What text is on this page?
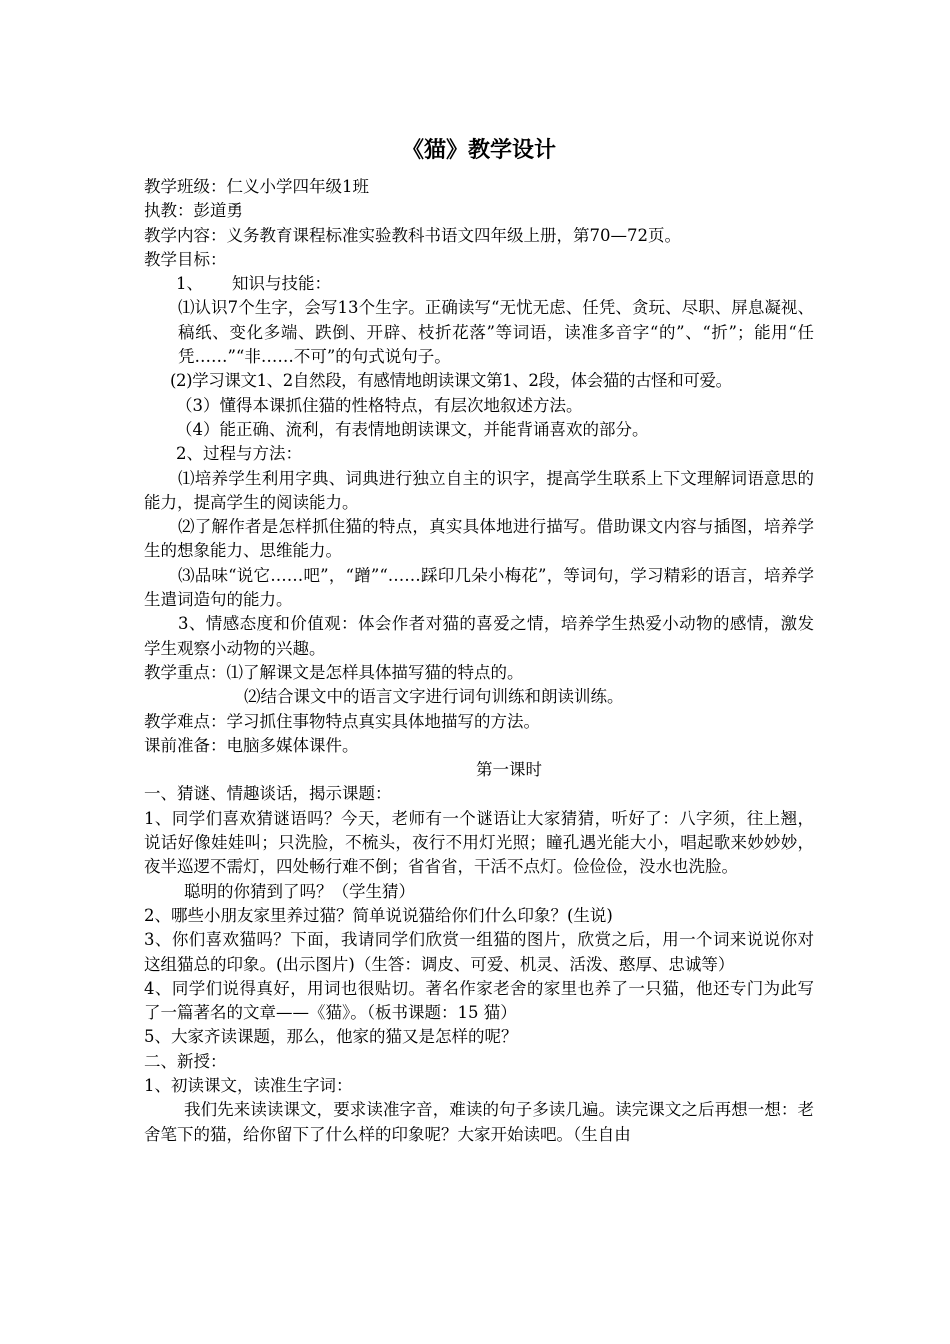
《猫》教学设计

教学班级：仁义小学四年级1班

执教：彭道勇

教学内容：义务教育课程标准实验教科书语文四年级上册，第70—72页。

教学目标：

1、 知识与技能：

⑴认识7个生字，会写13个生字。正确读写“无忧无虑、任凭、贪玩、尽职、屏息凝视、稿纸、变化多端、跌倒、开辟、枝折花落”等词语，读准多音字“的”、“折”；能用“任凭……”“非……不可”的句式说句子。

(2)学习课文1、2自然段，有感情地朗读课文第1、2段，体会猫的古怪和可爱。

（3）懂得本课抓住猫的性格特点，有层次地叙述方法。

（4）能正确、流利，有表情地朗读课文，并能背诵喜欢的部分。

2、过程与方法：

⑴培养学生利用字典、词典进行独立自主的识字，提高学生联系上下文理解词语意思的能力，提高学生的阅读能力。

⑵了解作者是怎样抓住猫的特点，真实具体地进行描写。借助课文内容与插图，培养学生的想象能力、思维能力。

⑶品味“说它……吧”，“蹭”“……踩印几朵小梅花”，等词句，学习精彩的语言，培养学生遣词造句的能力。

3、情感态度和价值观：体会作者对猫的喜爱之情，培养学生热爱小动物的感情，激发学生观察小动物的兴趣。

教学重点：⑴了解课文是怎样具体描写猫的特点的。

⑵结合课文中的语言文字进行词句训练和朗读训练。

教学难点：学习抓住事物特点真实具体地描写的方法。

课前准备：电脑多媒体课件。

第一课时

一、猜谜、情趣谈话，揭示课题：

1、同学们喜欢猜谜语吗？今天，老师有一个谜语让大家猜猜，听好了：八字须，往上翘，说话好像娃娃叫；只洗脸，不梳头，夜行不用灯光照；瞳孔遇光能大小，唱起歌来妙妙妙，夜半巡逻不需灯，四处畅行难不倒；省省省，干活不点灯。俭俭俭，没水也洗脸。

聪明的你猜到了吗？（学生猜）

2、哪些小朋友家里养过猫？简单说说猫给你们什么印象？(生说)

3、你们喜欢猫吗？下面，我请同学们欣赏一组猫的图片，欣赏之后，用一个词来说说你对这组猫总的印象。(出示图片)（生答：调皮、可爱、机灵、活泼、憨厚、忠诚等）

4、同学们说得真好，用词也很贴切。著名作家老舍的家里也养了一只猫，他还专门为此写了一篇著名的文章——《猫》。（板书课题：15 猫）

5、大家齐读课题，那么，他家的猫又是怎样的呢？

二、新授：

1、初读课文，读准生字词：

我们先来读读课文，要求读准字音，难读的句子多读几遍。读完课文之后再想一想：老舍笔下的猫，给你留下了什么样的印象呢？大家开始读吧。（生自由
